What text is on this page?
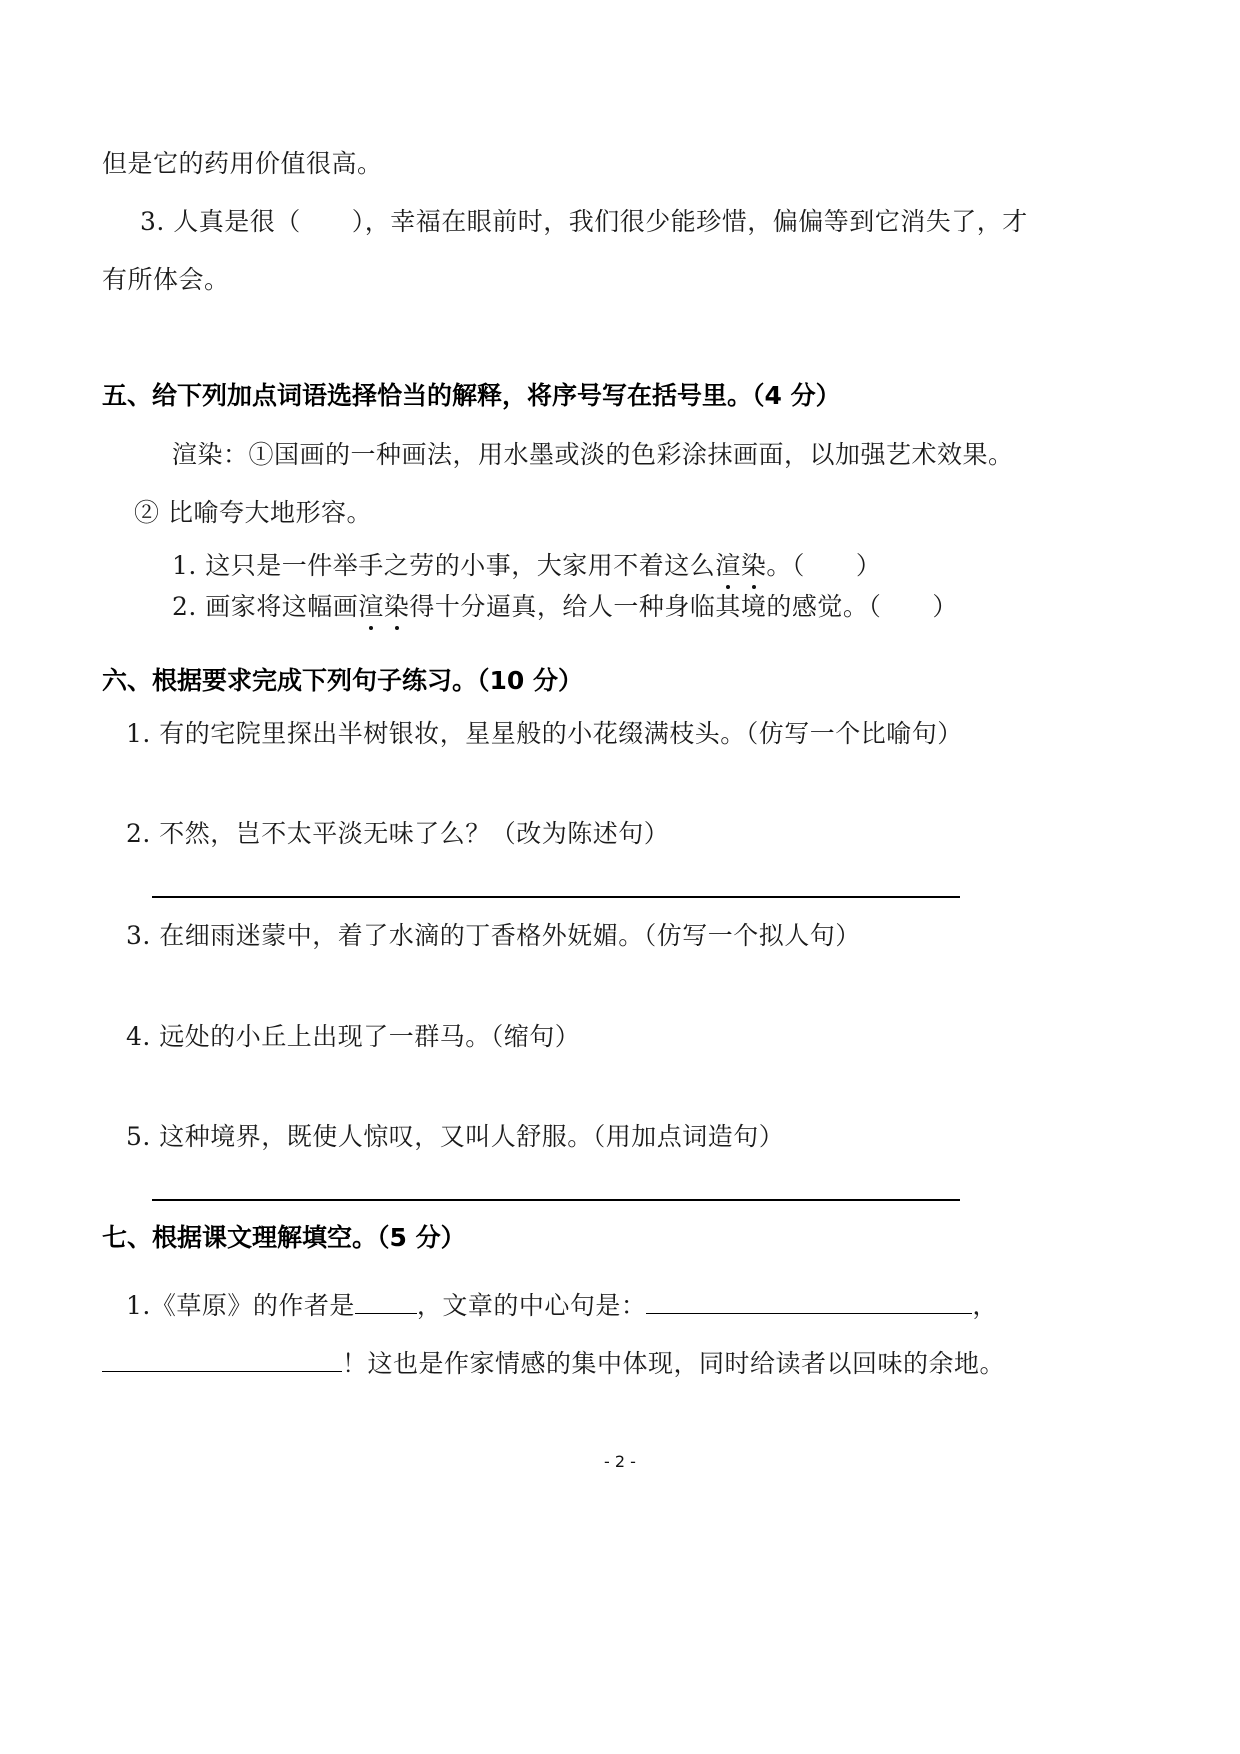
但是它的药用价值很高。
3. 人真是很（　　），幸福在眼前时，我们很少能珍惜，偏偏等到它消失了，才
有所体会。
五、给下列加点词语选择恰当的解释，将序号写在括号里。（4 分）
渲染：①国画的一种画法，用水墨或淡的色彩涂抹画面，以加强艺术效果。
② 比喻夸大地形容。
1. 这只是一件举手之劳的小事，大家用不着这么渲染。（　　）
2. 画家将这幅画渲染得十分逼真，给人一种身临其境的感觉。（　　）
六、根据要求完成下列句子练习。（10 分）
1. 有的宅院里探出半树银妆，星星般的小花缀满枝头。（仿写一个比喻句）
2. 不然，岂不太平淡无味了么？（改为陈述句）
3. 在细雨迷蒙中，着了水滴的丁香格外妩媚。（仿写一个拟人句）
4. 远处的小丘上出现了一群马。（缩句）
5. 这种境界，既使人惊叹，又叫人舒服。（用加点词造句）
七、根据课文理解填空。（5 分）
1.《草原》的作者是 ，文章的中心句是：	，
！这也是作家情感的集中体现，同时给读者以回味的余地。
- 2 -
